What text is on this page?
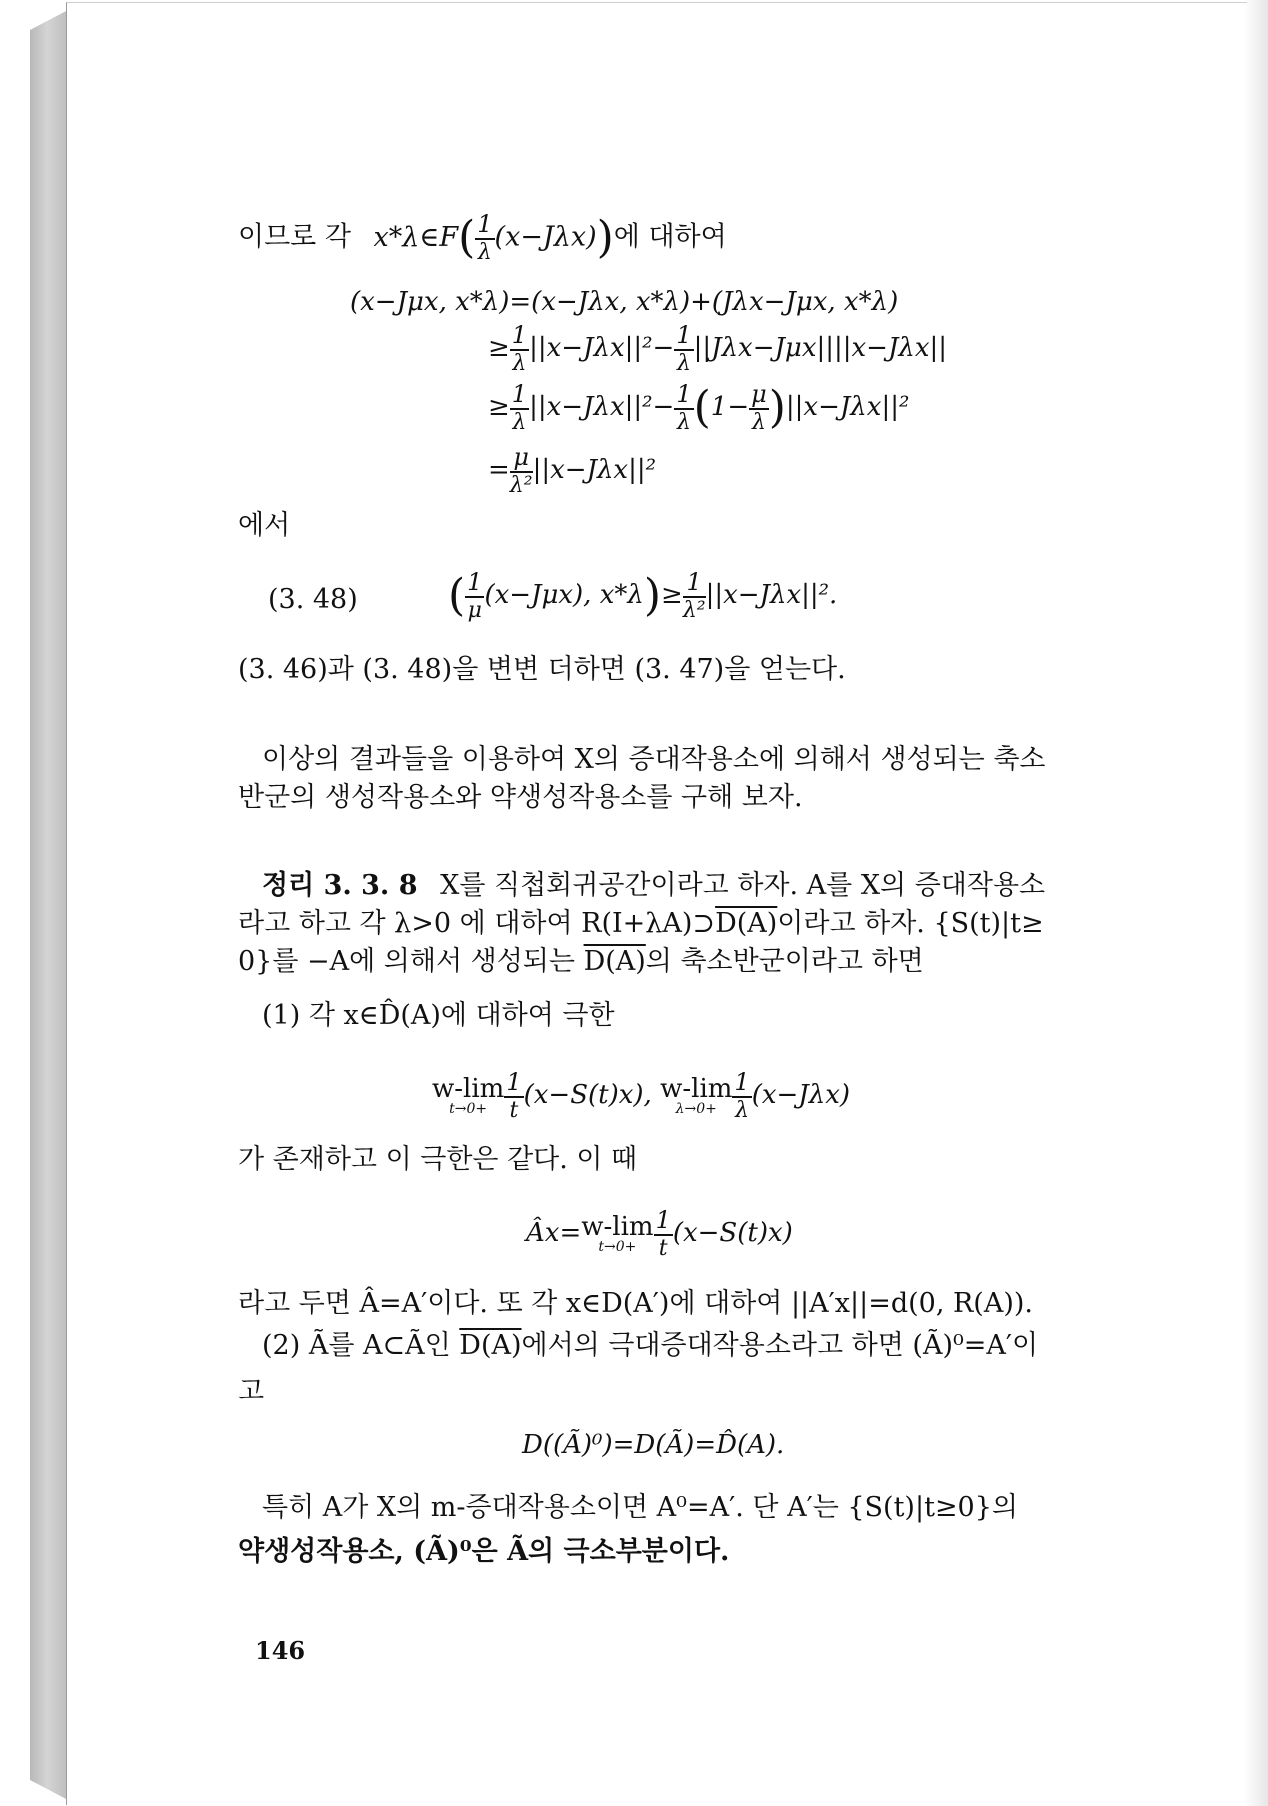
이므로 각 x*λ∈F( $\frac{1}{\lambda} (x-J\lambda x)$)에 대하여
(x−Jμx, x*λ)=(x−Jλx, x*λ)+(Jλx−Jμx, x*λ)
≥ $\frac{1}{\lambda} ||x-J\lambda x||^2- \frac{1}{\lambda} ||J\lambda x-J\mu x||||x-J\lambda x||$
≥ $\frac{1}{\lambda} ||x-J\lambda x||^2- \frac{1}{\lambda} (1- \frac{\mu}{\lambda} )||x-J\lambda x||^2$
= $\frac{\mu}{\text{λ²}} ||x-J\lambda x||^2$
에서
(3. 48) ( $\frac{1}{\mu} (x-J\mu x)$, $x*\lambda)\ge \frac{1}{\text{λ²}} ||x-J\lambda x||^2$.
(3. 46)과 (3. 48)을 변변 더하면 (3. 47)을 얻는다.
이상의 결과들을 이용하여 X의 증대작용소에 의해서 생성되는 축소
반군의 생성작용소와 약생성작용소를 구해 보자.
정리 3. 3. 8 X를 직첩회귀공간이라고 하자. A를 X의 증대작용소
라고 하고 각 λ>0 에 대하여 R(I+λA)⊃D(A)이라고 하자. {S(t)|t≥
0}를 −A에 의해서 생성되는 D(A)의 축소반군이라고 하면
(1) 각 x∈D̂(A)에 대하여 극한
w-lim
$t\to 0+ \frac{1}{t} (x-S(t)x)$, w-lim
$\lambda\to 0+ \frac{1}{\lambda} (x-J\lambda x)$
가 존재하고 이 극한은 같다. 이 때
Âx= w-lim
$t\to 0+ \frac{1}{t} (x-S(t)x)$
라고 두면 Â=A′이다. 또 각 x∈D(A′)에 대하여 ||A′x||=d(0, R(A)).
(2) Ã를 A⊂Ã인 D(A)에서의 극대증대작용소라고 하면 (Ã)⁰=A′이
고
D((Ã)⁰)=D(Ã)=D̂(A).
특히 A가 X의 m-증대작용소이면 A⁰=A′. 단 A′는 {S(t)|t≥0}의
약생성작용소, (Ã)⁰은 Ã의 극소부분이다.
146
